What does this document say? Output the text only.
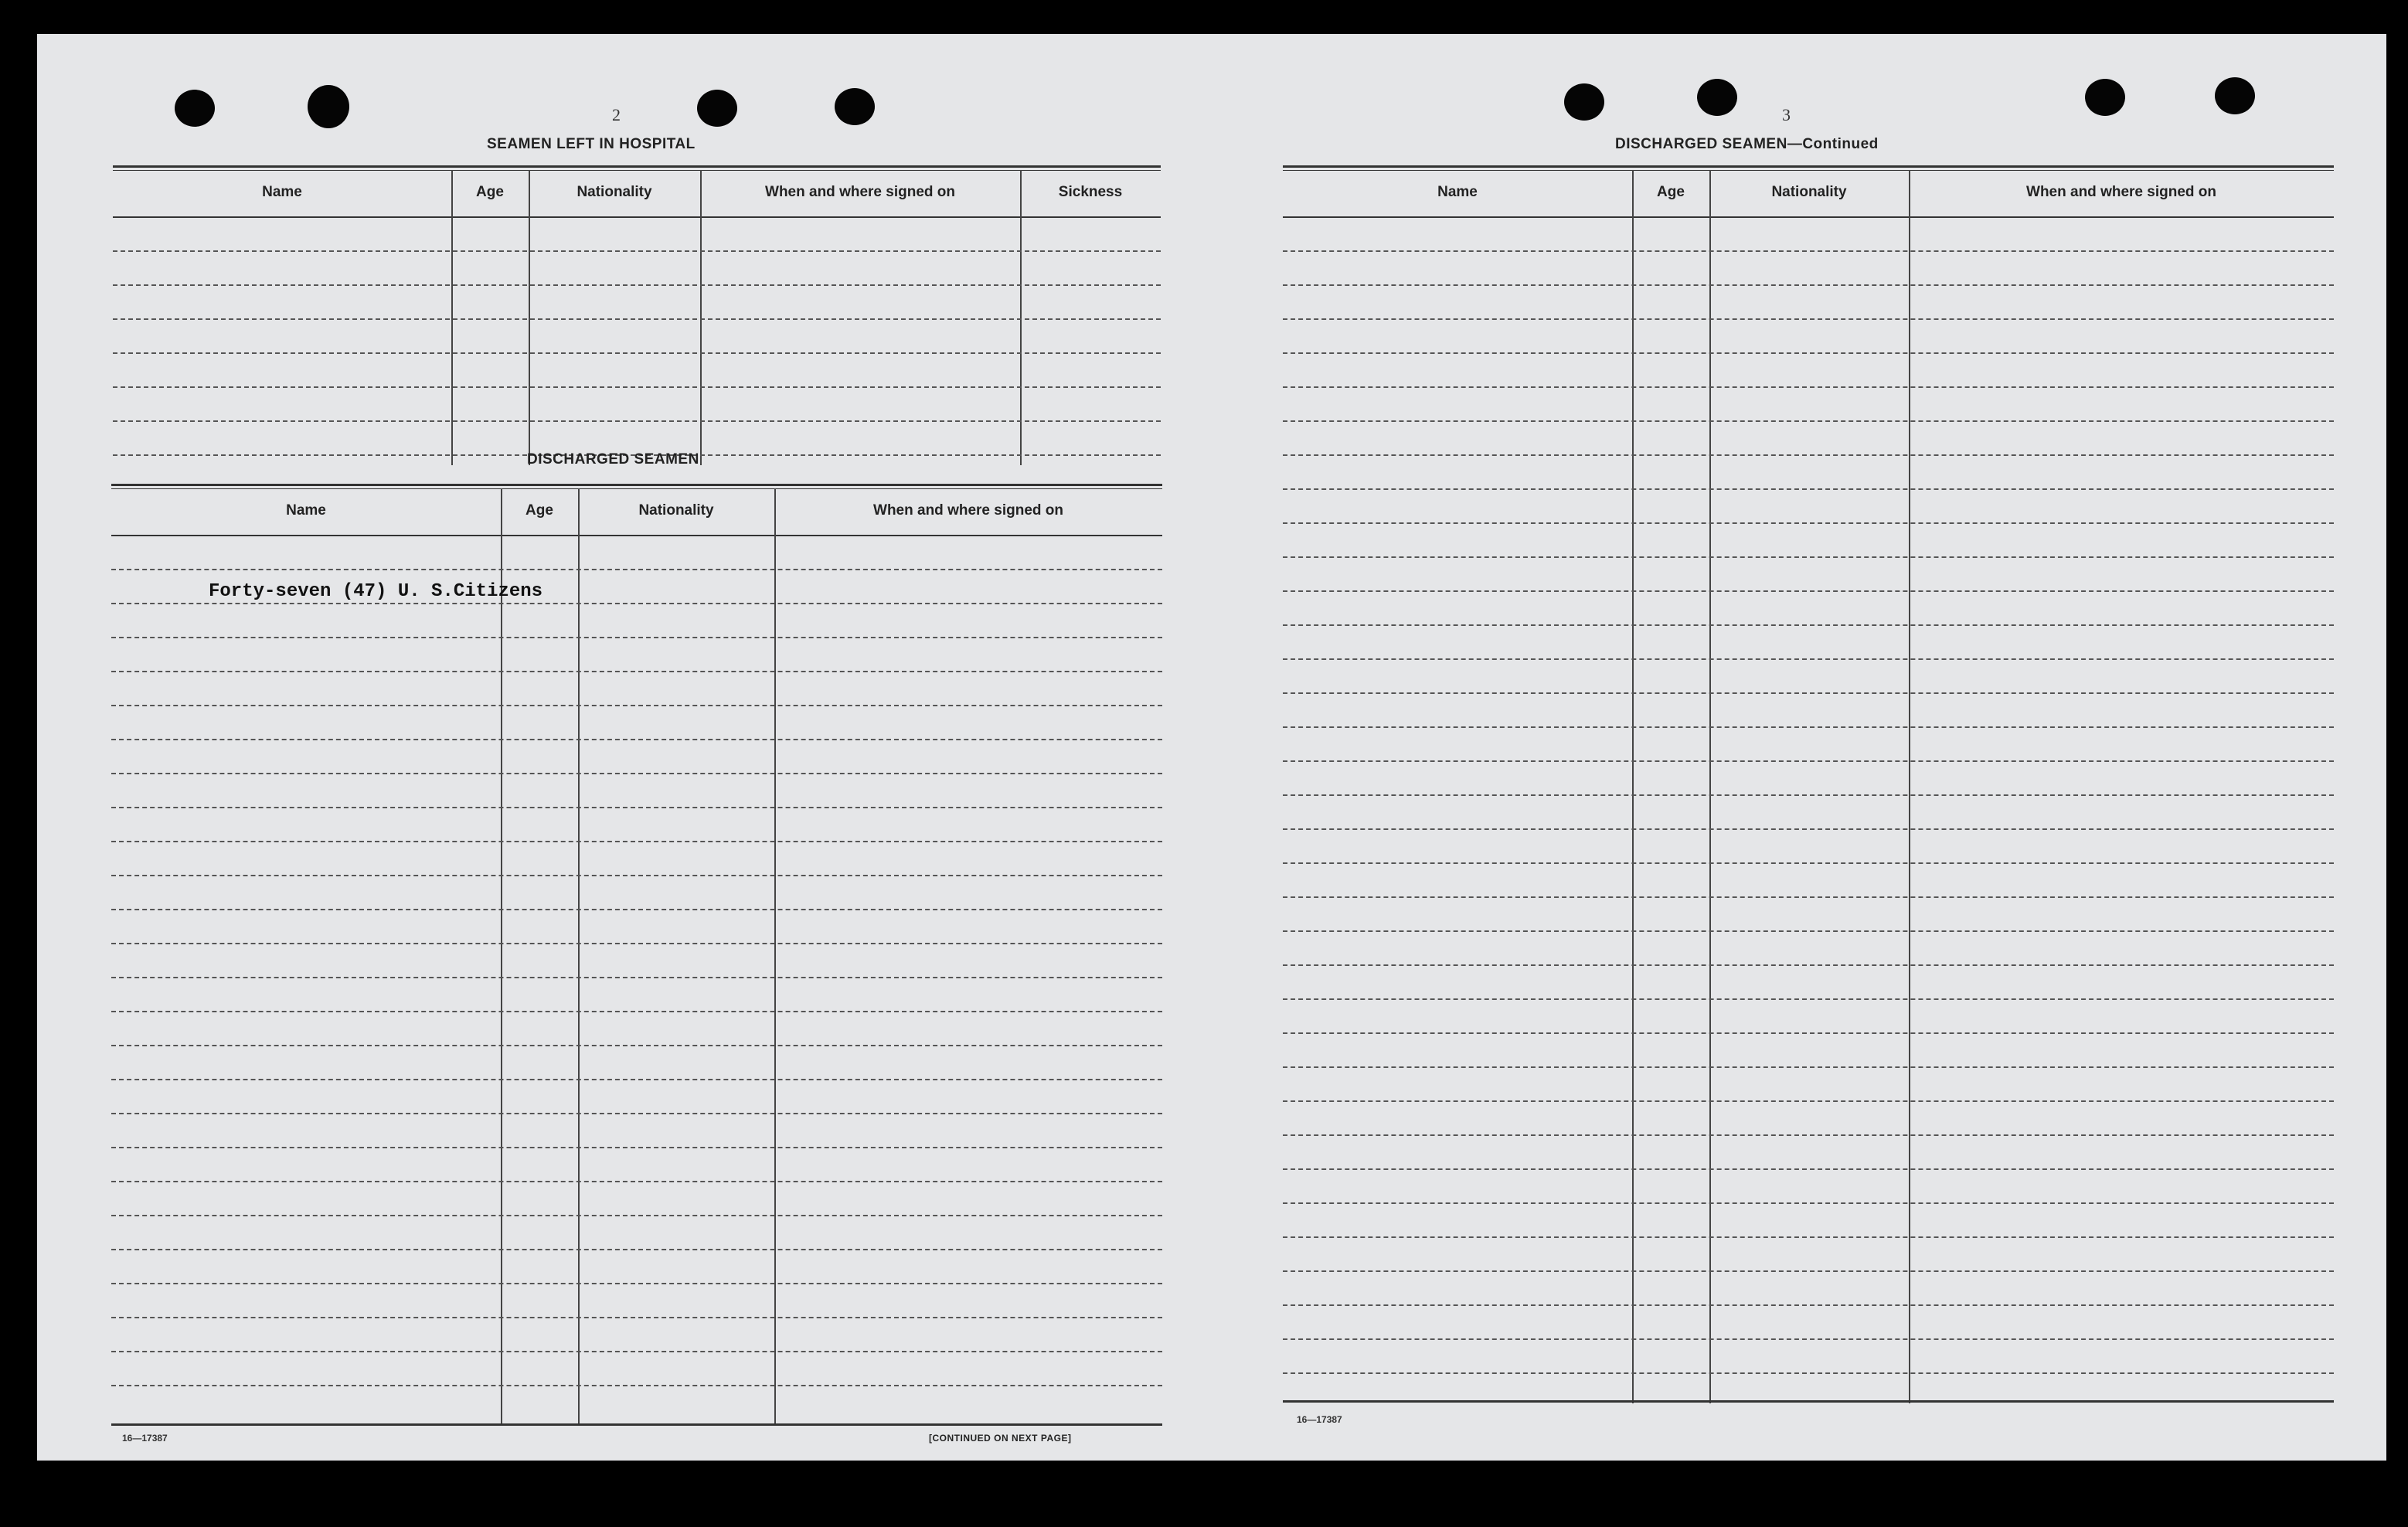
2
SEAMEN LEFT IN HOSPITAL
Name	Age	Nationality	When and where signed on	Sickness
DISCHARGED SEAMEN
Name	Age	Nationality	When and where signed on
Forty-seven (47) U. S.Citizens
16—17387	[CONTINUED ON NEXT PAGE]
3
DISCHARGED SEAMEN—Continued
Name	Age	Nationality	When and where signed on
16—17387
